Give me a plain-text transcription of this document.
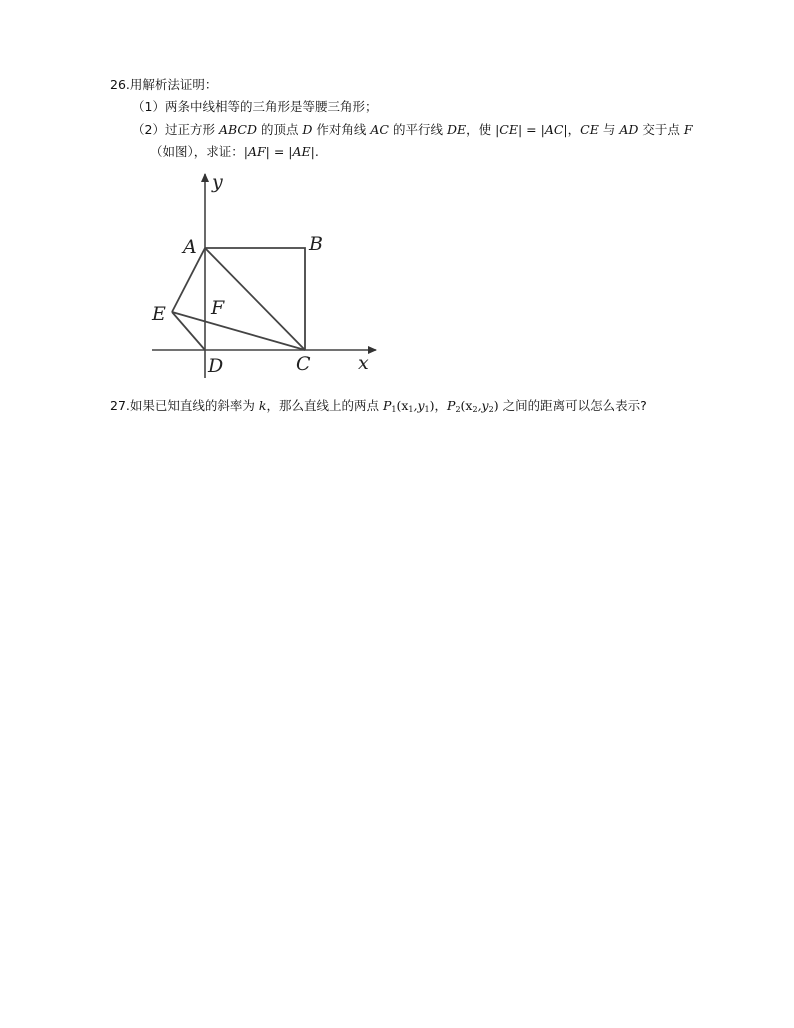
26.用解析法证明：
（1）两条中线相等的三角形是等腰三角形；
（2）过正方形 ABCD 的顶点 D 作对角线 AC 的平行线 DE，使 |CE| = |AC|，CE 与 AD 交于点 F
（如图），求证：|AF| = |AE|.
y
x
A	B
C
D
E F
27.如果已知直线的斜率为 k，那么直线上的两点 $P_1(x_1,y_1)$，$P_2(x_2,y_2)$ 之间的距离可以怎么表示?
